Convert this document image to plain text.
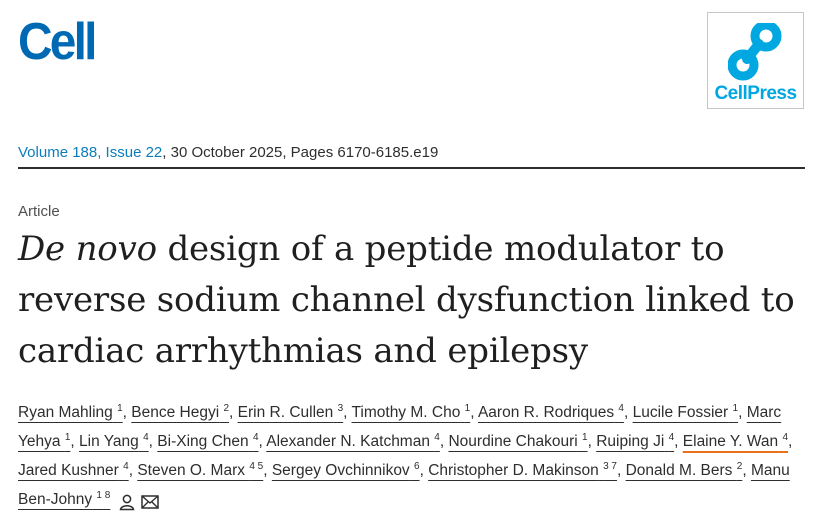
Cell
CellPress
Volume 188, Issue 22, 30 October 2025, Pages 6170-6185.e19
Article
De novo design of a peptide modulator to reverse sodium channel dysfunction linked to cardiac arrhythmias and epilepsy
Ryan Mahling $^1$, Bence Hegyi $^2$, Erin R. Cullen $^3$, Timothy M. Cho $^1$, Aaron R. Rodriques $^4$, Lucile Fossier $^1$, Marc Yehya $^1$, Lin Yang $^4$, Bi-Xing Chen $^4$, Alexander N. Katchman $^4$, Nourdine Chakouri $^1$, Ruiping Ji $^4$, Elaine Y. Wan $^4$, Jared Kushner $^4$, Steven O. Marx $^{4 5}$, Sergey Ovchinnikov $^6$, Christopher D. Makinson $^{3 7}$, Donald M. Bers $^2$, Manu Ben-Johny $^{1 8}$
